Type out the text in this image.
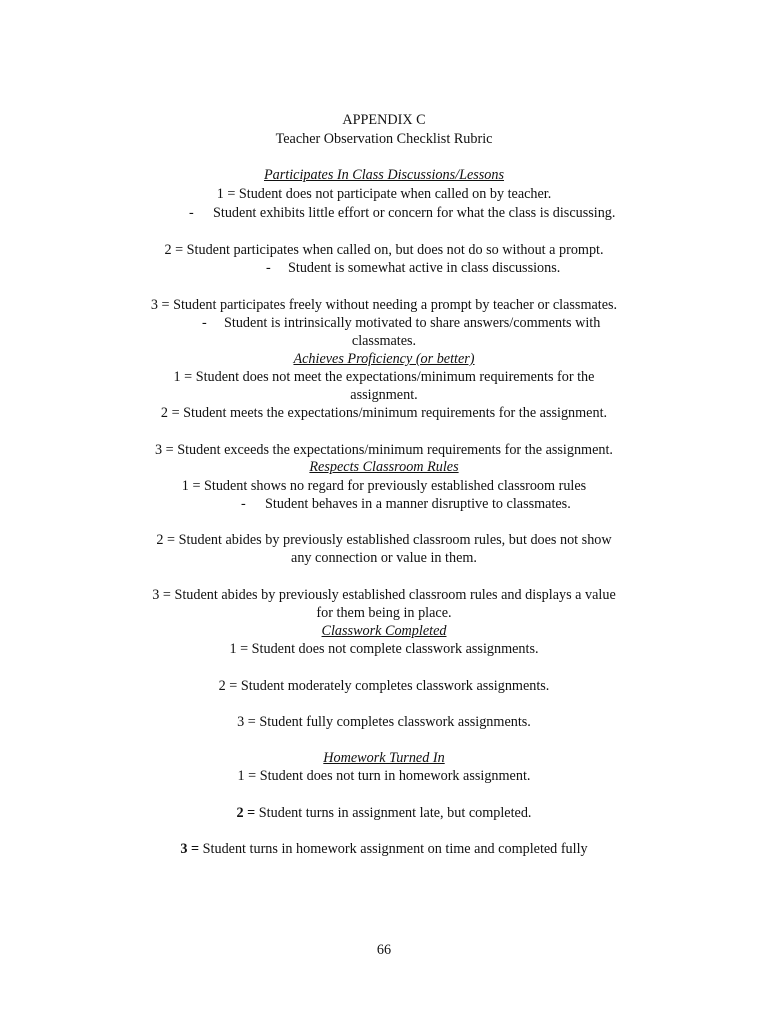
APPENDIX C
Teacher Observation Checklist Rubric
Participates In Class Discussions/Lessons
1 = Student does not participate when called on by teacher.
- Student exhibits little effort or concern for what the class is discussing.
2 = Student participates when called on, but does not do so without a prompt.
- Student is somewhat active in class discussions.
3 = Student participates freely without needing a prompt by teacher or classmates.
- Student is intrinsically motivated to share answers/comments with
classmates.
Achieves Proficiency (or better)
1 = Student does not meet the expectations/minimum requirements for the
assignment.
2 = Student meets the expectations/minimum requirements for the assignment.
3 = Student exceeds the expectations/minimum requirements for the assignment.
Respects Classroom Rules
1 = Student shows no regard for previously established classroom rules
- Student behaves in a manner disruptive to classmates.
2 = Student abides by previously established classroom rules, but does not show
any connection or value in them.
3 = Student abides by previously established classroom rules and displays a value
for them being in place.
Classwork Completed
1 = Student does not complete classwork assignments.
2 = Student moderately completes classwork assignments.
3 = Student fully completes classwork assignments.
Homework Turned In
1 = Student does not turn in homework assignment.
2 = Student turns in assignment late, but completed.
3 = Student turns in homework assignment on time and completed fully
66
